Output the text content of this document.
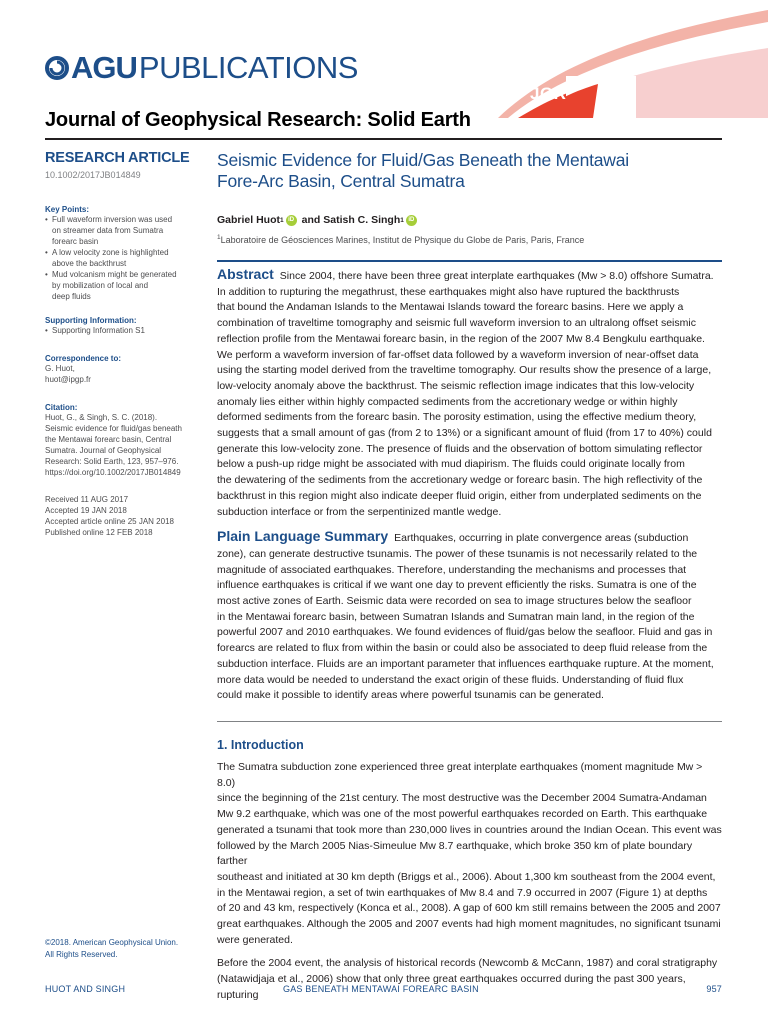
AGU PUBLICATIONS
JGR
Journal of Geophysical Research: Solid Earth
RESEARCH ARTICLE
10.1002/2017JB014849
Key Points:
• Full waveform inversion was used
on streamer data from Sumatra
forearc basin
• A low velocity zone is highlighted
above the backthrust
• Mud volcanism might be generated
by mobilization of local and
deep fluids
Supporting Information:
• Supporting Information S1
Correspondence to:
G. Huot,
huot@ipgp.fr
Citation:
Huot, G., & Singh, S. C. (2018).
Seismic evidence for fluid/gas beneath
the Mentawai forearc basin, Central
Sumatra. Journal of Geophysical
Research: Solid Earth, 123, 957–976.
https://doi.org/10.1002/2017JB014849
Received 11 AUG 2017
Accepted 19 JAN 2018
Accepted article online 25 JAN 2018
Published online 12 FEB 2018
Seismic Evidence for Fluid/Gas Beneath the Mentawai
Fore-Arc Basin, Central Sumatra
Gabriel Huot 1 iD and Satish C. Singh 1 iD
$^1$Laboratoire de Géosciences Marines, Institut de Physique du Globe de Paris, Paris, France
Abstract Since 2004, there have been three great interplate earthquakes (Mw > 8.0) offshore Sumatra.
In addition to rupturing the megathrust, these earthquakes might also have ruptured the backthrusts
that bound the Andaman Islands to the Mentawai Islands toward the forearc basins. Here we apply a
combination of traveltime tomography and seismic full waveform inversion to an ultralong offset seismic
reflection profile from the Mentawai forearc basin, in the region of the 2007 Mw 8.4 Bengkulu earthquake.
We perform a waveform inversion of far-offset data followed by a waveform inversion of near-offset data
using the starting model derived from the traveltime tomography. Our results show the presence of a large,
low-velocity anomaly above the backthrust. The seismic reflection image indicates that this low-velocity
anomaly lies either within highly compacted sediments from the accretionary wedge or within highly
deformed sediments from the forearc basin. The porosity estimation, using the effective medium theory,
suggests that a small amount of gas (from 2 to 13%) or a significant amount of fluid (from 17 to 40%) could
generate this low-velocity zone. The presence of fluids and the observation of bottom simulating reflector
below a push-up ridge might be associated with mud diapirism. The fluids could originate locally from
the dewatering of the sediments from the accretionary wedge or forearc basin. The high reflectivity of the
backthrust in this region might also indicate deeper fluid origin, either from underplated sediments on the
subduction interface or from the serpentinized mantle wedge.
Plain Language Summary Earthquakes, occurring in plate convergence areas (subduction
zone), can generate destructive tsunamis. The power of these tsunamis is not necessarily related to the
magnitude of associated earthquakes. Therefore, understanding the mechanisms and processes that
influence earthquakes is critical if we want one day to prevent efficiently the risks. Sumatra is one of the
most active zones of Earth. Seismic data were recorded on sea to image structures below the seafloor
in the Mentawai forearc basin, between Sumatran Islands and Sumatran main land, in the region of the
powerful 2007 and 2010 earthquakes. We found evidences of fluid/gas below the seafloor. Fluid and gas in
forearcs are related to flux from within the basin or could also be associated to deep fluid release from the
subduction interface. Fluids are an important parameter that influences earthquake rupture. At the moment,
more data would be needed to understand the exact origin of these fluids. Understanding of fluid flux
could make it possible to identify areas where powerful tsunamis can be generated.
1. Introduction
The Sumatra subduction zone experienced three great interplate earthquakes (moment magnitude Mw > 8.0)
since the beginning of the 21st century. The most destructive was the December 2004 Sumatra-Andaman
Mw 9.2 earthquake, which was one of the most powerful earthquakes recorded on Earth. This earthquake
generated a tsunami that took more than 230,000 lives in countries around the Indian Ocean. This event was
followed by the March 2005 Nias-Simeulue Mw 8.7 earthquake, which broke 350 km of plate boundary farther
southeast and initiated at 30 km depth (Briggs et al., 2006). About 1,300 km southeast from the 2004 event,
in the Mentawai region, a set of twin earthquakes of Mw 8.4 and 7.9 occurred in 2007 (Figure 1) at depths
of 20 and 43 km, respectively (Konca et al., 2008). A gap of 600 km still remains between the 2005 and 2007
great earthquakes. Although the 2005 and 2007 events had high moment magnitudes, no significant tsunami
were generated.
Before the 2004 event, the analysis of historical records (Newcomb & McCann, 1987) and coral stratigraphy
(Natawidjaja et al., 2006) show that only three great earthquakes occurred during the past 300 years, rupturing
©2018. American Geophysical Union.
All Rights Reserved.
HUOT AND SINGH	GAS BENEATH MENTAWAI FOREARC BASIN	957
